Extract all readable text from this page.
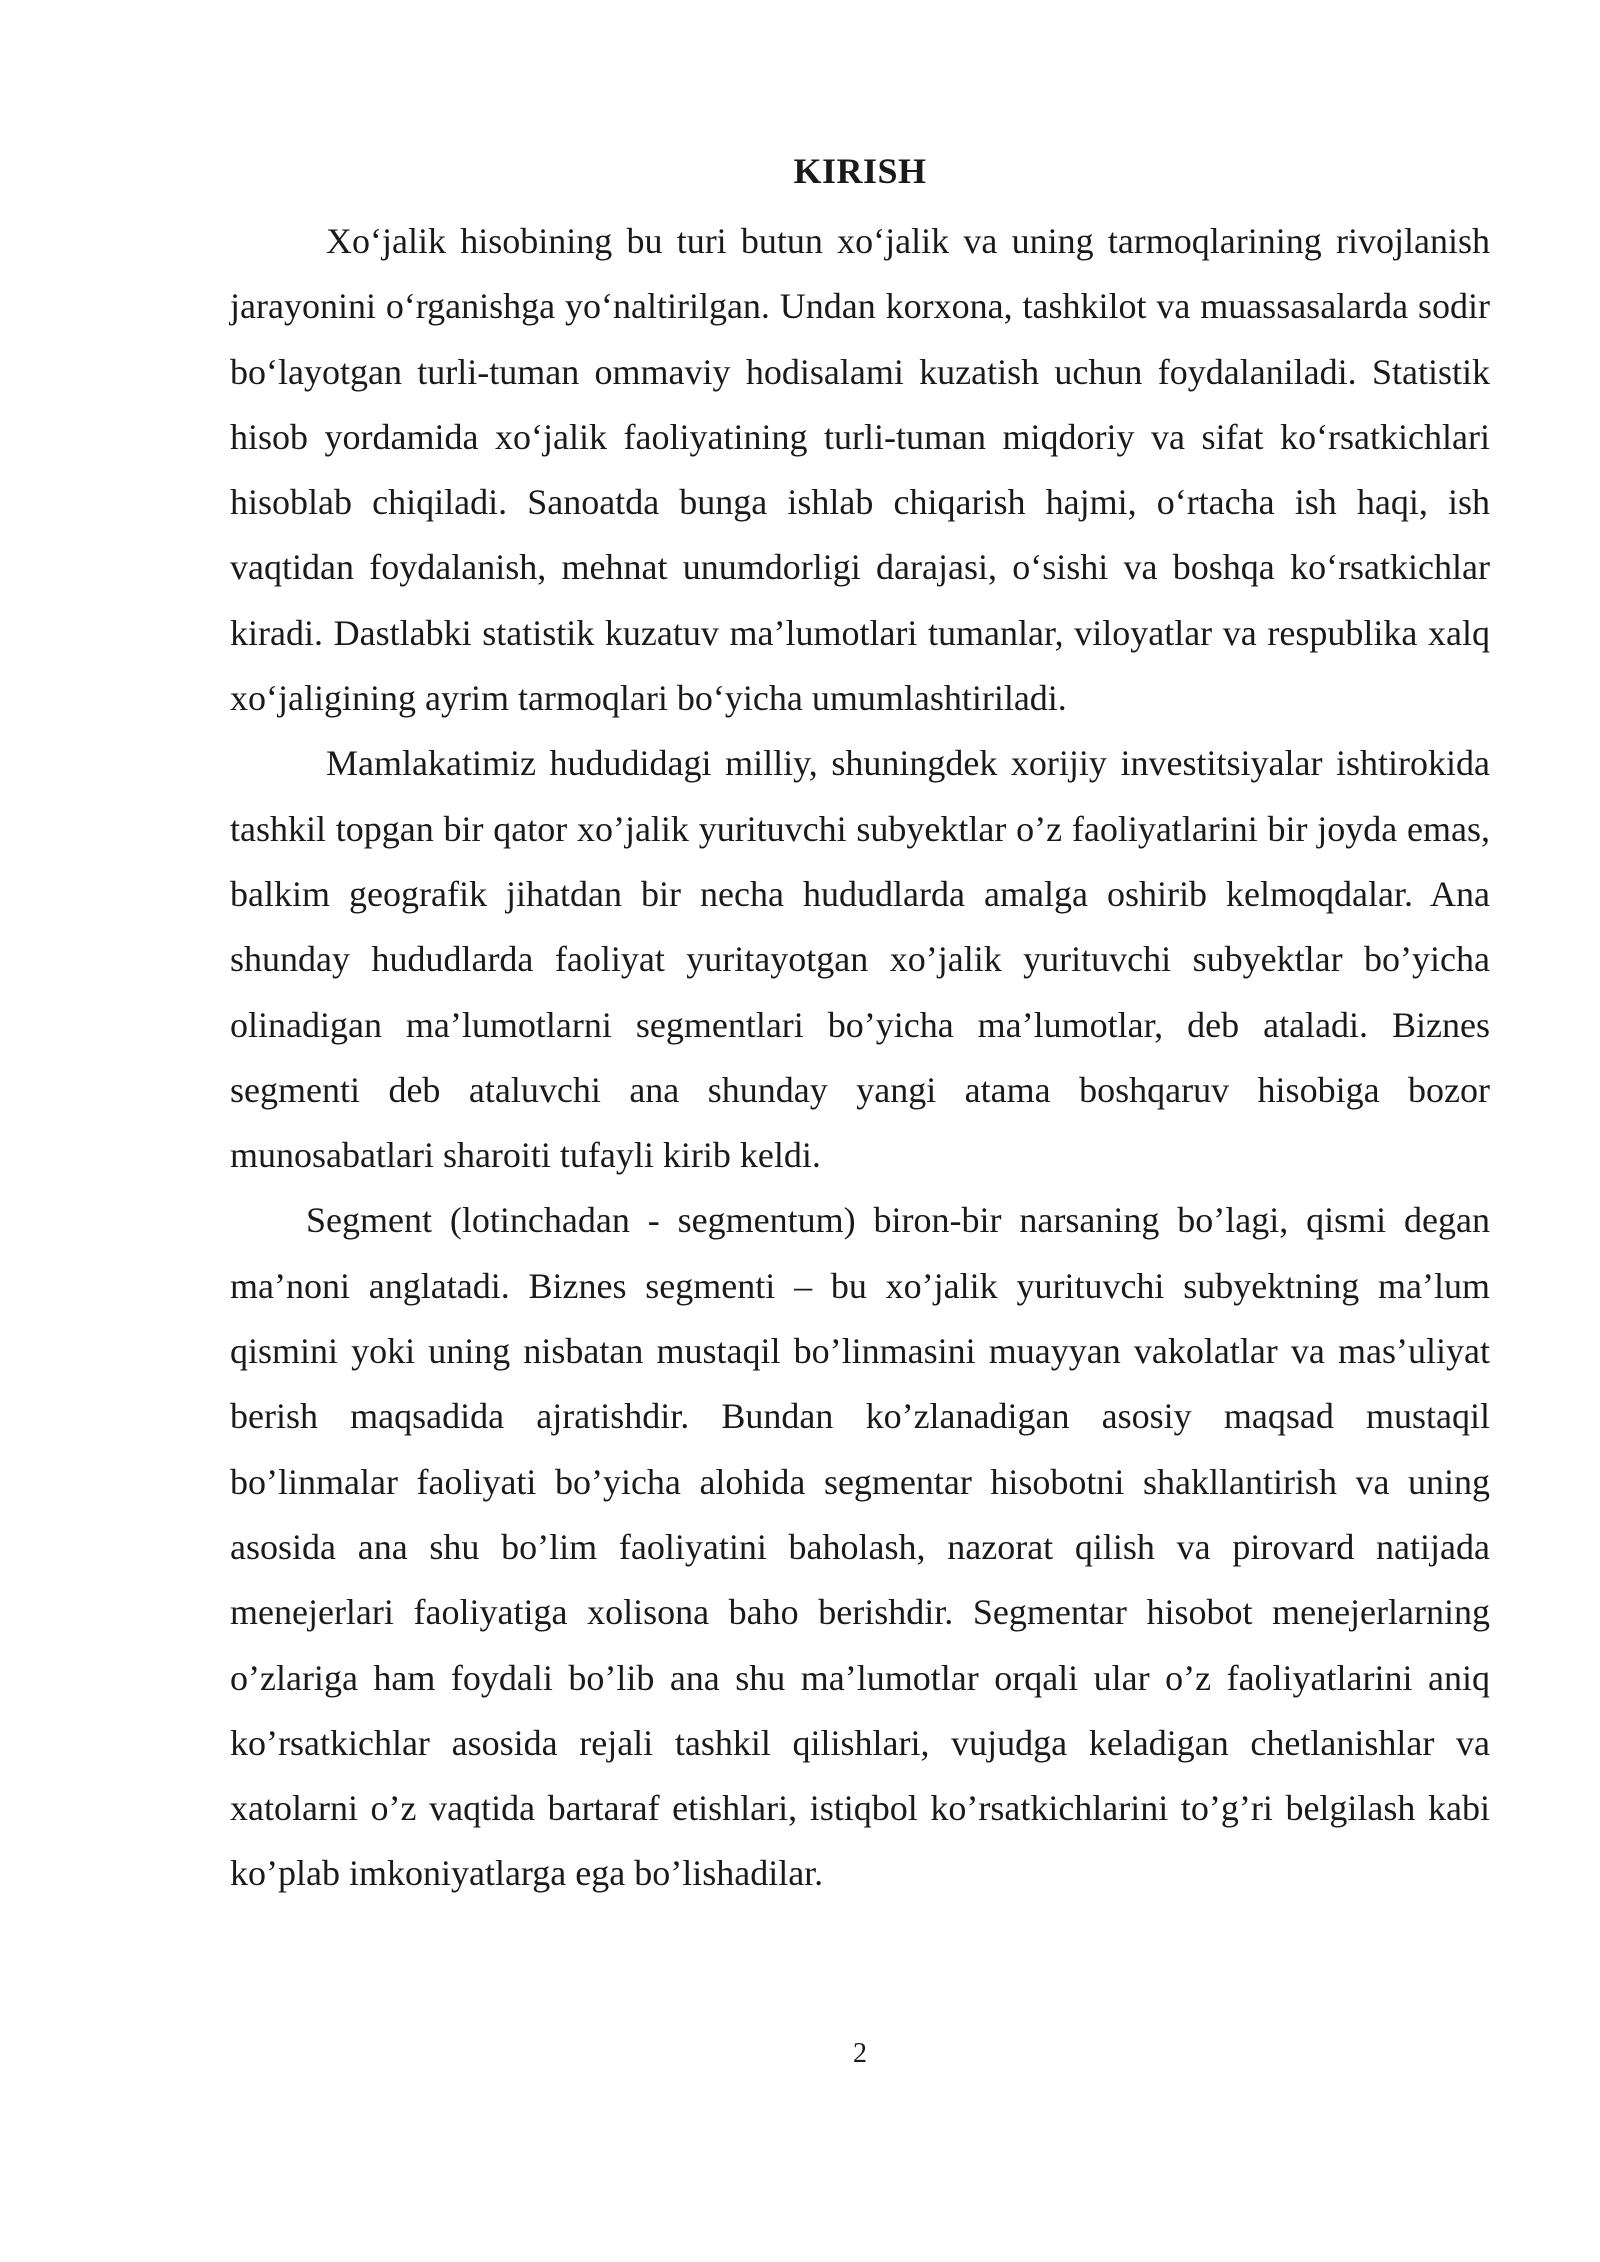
KIRISH

Xo‘jalik hisobining bu turi butun xo‘jalik va uning tarmoqlarining rivojlanish jarayonini o‘rganishga yo‘naltirilgan. Undan korxona, tashkilot va muassasalarda sodir bo‘layotgan turli-tuman ommaviy hodisalami kuzatish uchun foydalaniladi. Statistik hisob yordamida xo‘jalik faoliyatining turli-tuman miqdoriy va sifat ko‘rsatkichlari hisoblab chiqiladi. Sanoatda bunga ishlab chiqarish hajmi, o‘rtacha ish haqi, ish vaqtidan foydalanish, mehnat unumdorligi darajasi, o‘sishi va boshqa ko‘rsatkichlar kiradi. Dastlabki statistik kuzatuv ma’lumotlari tumanlar, viloyatlar va respublika xalq xo‘jaligining ayrim tarmoqlari bo‘yicha umumlashtiriladi.

Mamlakatimiz hududidagi milliy, shuningdek xorijiy investitsiyalar ishtirokida tashkil topgan bir qator xo’jalik yurituvchi subyektlar o’z faoliyatlarini bir joyda emas, balkim geografik jihatdan bir necha hududlarda amalga oshirib kelmoqdalar. Ana shunday hududlarda faoliyat yuritayotgan xo’jalik yurituvchi subyektlar bo’yicha olinadigan ma’lumotlarni segmentlari bo’yicha ma’lumotlar, deb ataladi. Biznes segmenti deb ataluvchi ana shunday yangi atama boshqaruv hisobiga bozor munosabatlari sharoiti tufayli kirib keldi.

Segment (lotinchadan - segmentum) biron-bir narsaning bo’lagi, qismi degan ma’noni anglatadi. Biznes segmenti – bu xo’jalik yurituvchi subyektning ma’lum qismini yoki uning nisbatan mustaqil bo’linmasini muayyan vakolatlar va mas’uliyat berish maqsadida ajratishdir. Bundan ko’zlanadigan asosiy maqsad mustaqil bo’linmalar faoliyati bo’yicha alohida segmentar hisobotni shakllantirish va uning asosida ana shu bo’lim faoliyatini baholash, nazorat qilish va pirovard natijada menejerlari faoliyatiga xolisona baho berishdir. Segmentar hisobot menejerlarning o’zlariga ham foydali bo’lib ana shu ma’lumotlar orqali ular o’z faoliyatlarini aniq ko’rsatkichlar asosida rejali tashkil qilishlari, vujudga keladigan chetlanishlar va xatolarni o’z vaqtida bartaraf etishlari, istiqbol ko’rsatkichlarini to’g’ri belgilash kabi ko’plab imkoniyatlarga ega bo’lishadilar.

2
